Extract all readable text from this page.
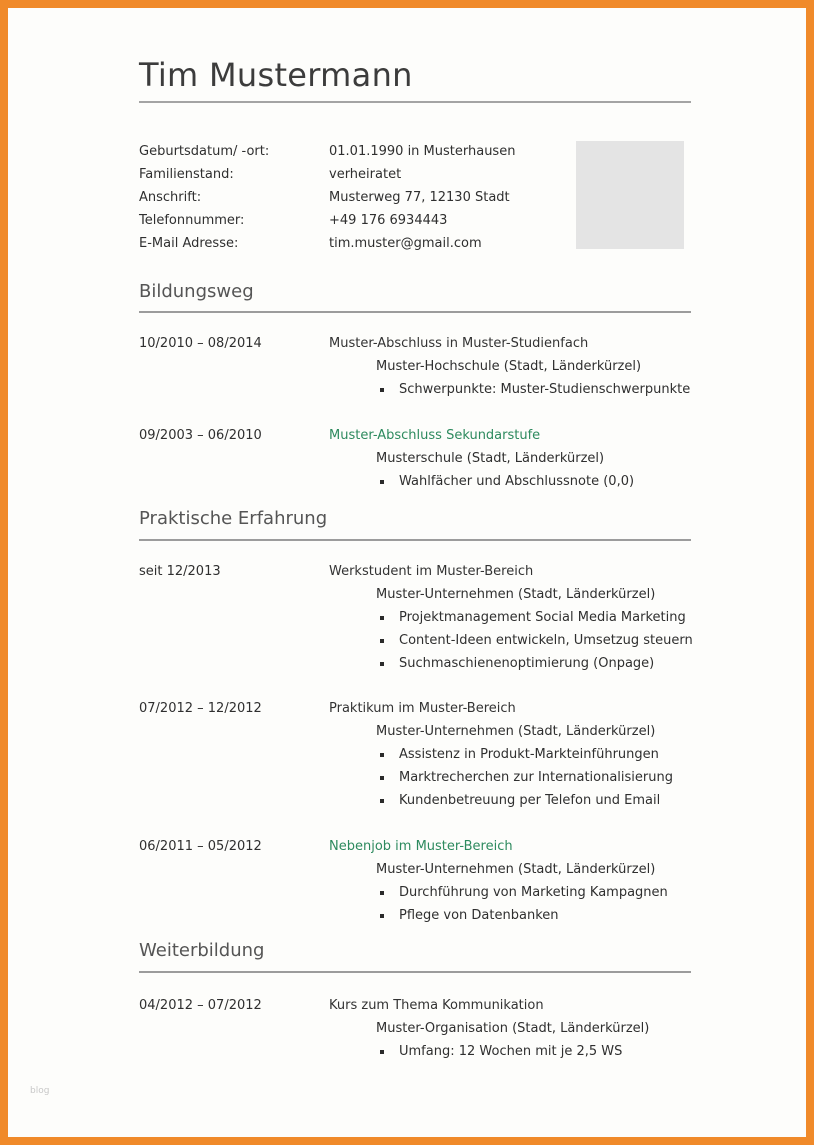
Tim Mustermann
Geburtsdatum/ -ort:	01.01.1990 in Musterhausen
Familienstand:	verheiratet
Anschrift:	Musterweg 77, 12130 Stadt
Telefonnummer:	+49 176 6934443
E-Mail Adresse:	tim.muster@gmail.com
Bildungsweg
10/2010 – 08/2014	Muster-Abschluss in Muster-Studienfach
Muster-Hochschule (Stadt, Länderkürzel)
Schwerpunkte: Muster-Studienschwerpunkte
09/2003 – 06/2010	Muster-Abschluss Sekundarstufe
Musterschule (Stadt, Länderkürzel)
Wahlfächer und Abschlussnote (0,0)
Praktische Erfahrung
seit 12/2013	Werkstudent im Muster-Bereich
Muster-Unternehmen (Stadt, Länderkürzel)
Projektmanagement Social Media Marketing
Content-Ideen entwickeln, Umsetzug steuern
Suchmaschienenoptimierung (Onpage)
07/2012 – 12/2012	Praktikum im Muster-Bereich
Muster-Unternehmen (Stadt, Länderkürzel)
Assistenz in Produkt-Markteinführungen
Marktrecherchen zur Internationalisierung
Kundenbetreuung per Telefon und Email
06/2011 – 05/2012	Nebenjob im Muster-Bereich
Muster-Unternehmen (Stadt, Länderkürzel)
Durchführung von Marketing Kampagnen
Pflege von Datenbanken
Weiterbildung
04/2012 – 07/2012	Kurs zum Thema Kommunikation
Muster-Organisation (Stadt, Länderkürzel)
Umfang: 12 Wochen mit je 2,5 WS
blog
